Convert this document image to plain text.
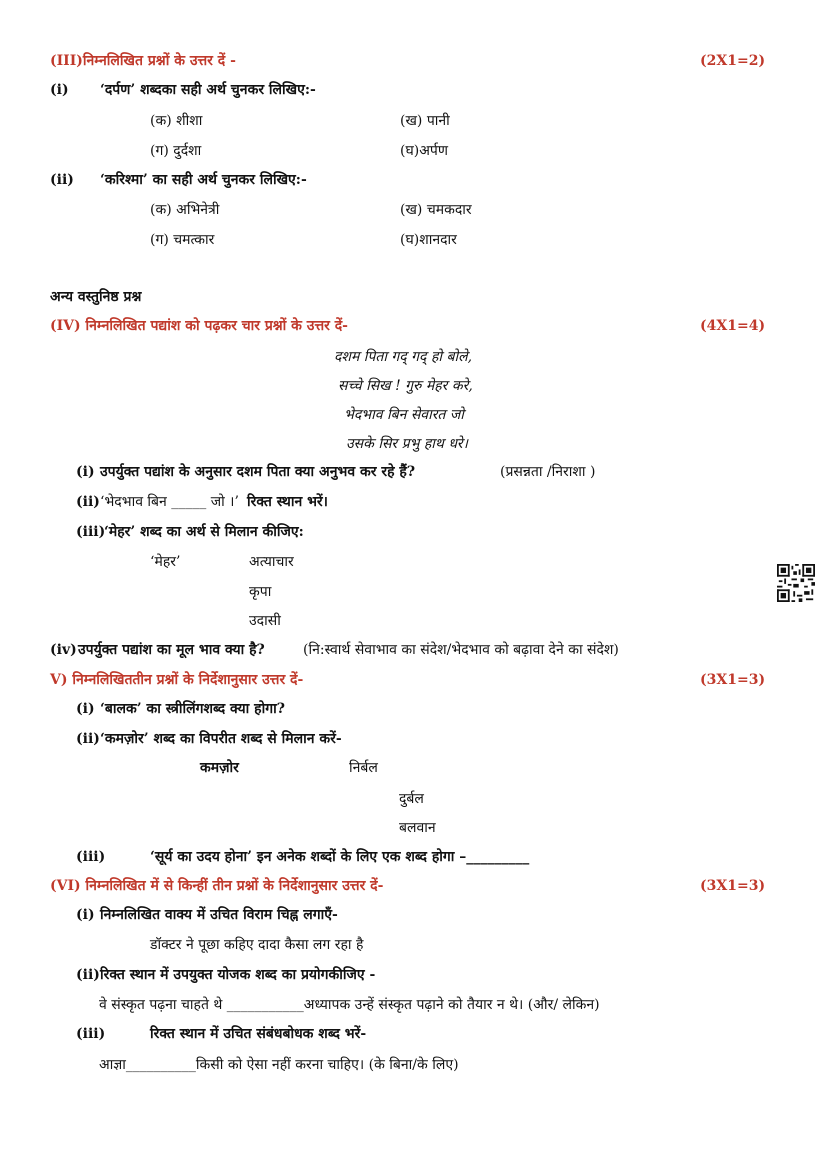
(III)निम्नलिखित प्रश्नों के उत्तर दें -	(2X1=2)
(i) ‘दर्पण’ शब्दका सही अर्थ चुनकर लिखिए:-
(क) शीशा	(ख) पानी
(ग) दुर्दशा	(घ)अर्पण
(ii) ‘करिश्मा’ का सही अर्थ चुनकर लिखिए:-
(क) अभिनेत्री	(ख) चमकदार
(ग) चमत्कार	(घ)शानदार
अन्य वस्तुनिष्ठ प्रश्न
(IV) निम्नलिखित पद्यांश को पढ़कर चार प्रश्नों के उत्तर दें-	(4X1=4)
दशम पिता गद् गद् हो बोले,
सच्चे सिख ! गुरु मेहर करे,
भेदभाव बिन सेवारत जो
उसके सिर प्रभु हाथ धरे।
(i) उपर्युक्त पद्यांश के अनुसार दशम पिता क्या अनुभव कर रहे हैं?	(प्रसन्नता /निराशा )
(ii) ‘भेदभाव बिन _____ जो ।’ रिक्त स्थान भरें।
(iii)
‘मेहर’ शब्द का अर्थ से मिलान कीजिए:
‘मेहर’	अत्याचार
कृपा
उदासी
(iv) उपर्युक्त पद्यांश का मूल भाव क्या है?	(नि:स्वार्थ सेवाभाव का संदेश/भेदभाव को बढ़ावा देने का संदेश)
V) निम्नलिखिततीन प्रश्नों के निर्देशानुसार उत्तर दें-	(3X1=3)
(i) ‘बालक’ का स्त्रीलिंगशब्द क्या होगा?
(ii) ‘कमज़ोर’ शब्द का विपरीत शब्द से मिलान करें-
कमज़ोर	निर्बल
दुर्बल
बलवान
(iii)	‘सूर्य का उदय होना’ इन अनेक शब्दों के लिए एक शब्द होगा –_________
(VI) निम्नलिखित में से किन्हीं तीन प्रश्नों के निर्देशानुसार उत्तर दें-	(3X1=3)
(i) निम्नलिखित वाक्य में उचित विराम चिह्न लगाएँ-
डॉक्टर ने पूछा कहिए दादा कैसा लग रहा है
(ii) रिक्त स्थान में उपयुक्त योजक शब्द का प्रयोगकीजिए -
वे संस्कृत पढ़ना चाहते थे ___________अध्यापक उन्हें संस्कृत पढ़ाने को तैयार न थे। (और/ लेकिन)
(iii)	रिक्त स्थान में उचित संबंधबोधक शब्द भरें-
आज्ञा__________किसी को ऐसा नहीं करना चाहिए। (के बिना/के लिए)
